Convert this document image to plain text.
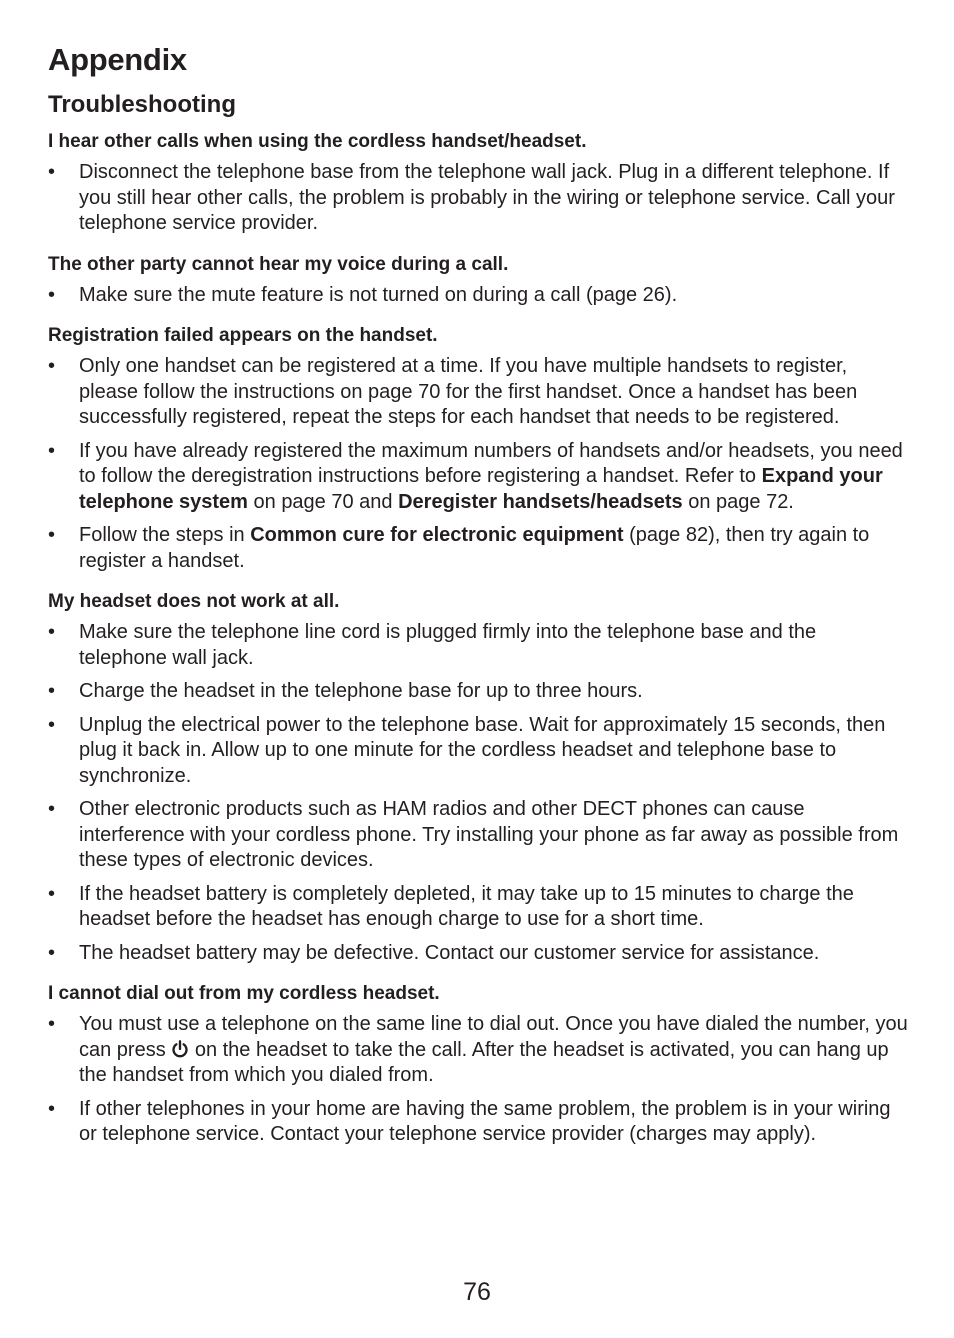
Appendix
Troubleshooting
I hear other calls when using the cordless handset/headset.
•
Disconnect the telephone base from the telephone wall jack. Plug in a different telephone. If you still hear other calls, the problem is probably in the wiring or telephone service. Call your telephone service provider.
The other party cannot hear my voice during a call.
•
Make sure the mute feature is not turned on during a call (page 26).
Registration failed appears on the handset.
•
Only one handset can be registered at a time. If you have multiple handsets to register, please follow the instructions on page 70 for the first handset. Once a handset has been successfully registered, repeat the steps for each handset that needs to be registered.
•
If you have already registered the maximum numbers of handsets and/or headsets, you need to follow the deregistration instructions before registering a handset. Refer to Expand your telephone system on page 70 and Deregister handsets/headsets on page 72.
•
Follow the steps in Common cure for electronic equipment (page 82), then try again to register a handset.
My headset does not work at all.
•
Make sure the telephone line cord is plugged firmly into the telephone base and the telephone wall jack.
•
Charge the headset in the telephone base for up to three hours.
•
Unplug the electrical power to the telephone base. Wait for approximately 15 seconds, then plug it back in. Allow up to one minute for the cordless headset and telephone base to synchronize.
•
Other electronic products such as HAM radios and other DECT phones can cause interference with your cordless phone. Try installing your phone as far away as possible from these types of electronic devices.
•
If the headset battery is completely depleted, it may take up to 15 minutes to charge the headset before the headset has enough charge to use for a short time.
•
The headset battery may be defective. Contact our customer service for assistance.
I cannot dial out from my cordless headset.
•
You must use a telephone on the same line to dial out. Once you have dialed the number, you can press  on the headset to take the call. After the headset is activated, you can hang up the handset from which you dialed from.
•
If other telephones in your home are having the same problem, the problem is in your wiring or telephone service. Contact your telephone service provider (charges may apply).
76
